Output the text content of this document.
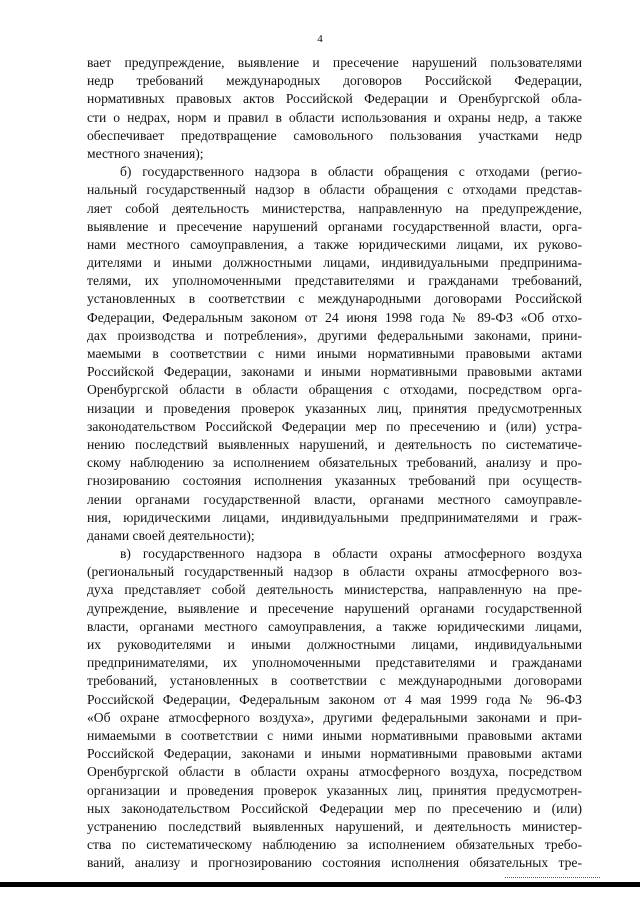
4
вает предупреждение, выявление и пресечение нарушений пользователями
недр требований международных договоров Российской Федерации,
нормативных правовых актов Российской Федерации и Оренбургской обла-
сти о недрах, норм и правил в области использования и охраны недр, а также
обеспечивает предотвращение самовольного пользования участками недр
местного значения);
б) государственного надзора в области обращения с отходами (регио-
нальный государственный надзор в области обращения с отходами представ-
ляет собой деятельность министерства, направленную на предупреждение,
выявление и пресечение нарушений органами государственной власти, орга-
нами местного самоуправления, а также юридическими лицами, их руково-
дителями и иными должностными лицами, индивидуальными предпринима-
телями, их уполномоченными представителями и гражданами требований,
установленных в соответствии с международными договорами Российской
Федерации, Федеральным законом от 24 июня 1998 года № 89-ФЗ «Об отхо-
дах производства и потребления», другими федеральными законами, прини-
маемыми в соответствии с ними иными нормативными правовыми актами
Российской Федерации, законами и иными нормативными правовыми актами
Оренбургской области в области обращения с отходами, посредством орга-
низации и проведения проверок указанных лиц, принятия предусмотренных
законодательством Российской Федерации мер по пресечению и (или) устра-
нению последствий выявленных нарушений, и деятельность по систематиче-
скому наблюдению за исполнением обязательных требований, анализу и про-
гнозированию состояния исполнения указанных требований при осуществ-
лении органами государственной власти, органами местного самоуправле-
ния, юридическими лицами, индивидуальными предпринимателями и граж-
данами своей деятельности);
в) государственного надзора в области охраны атмосферного воздуха
(региональный государственный надзор в области охраны атмосферного воз-
духа представляет собой деятельность министерства, направленную на пре-
дупреждение, выявление и пресечение нарушений органами государственной
власти, органами местного самоуправления, а также юридическими лицами,
их руководителями и иными должностными лицами, индивидуальными
предпринимателями, их уполномоченными представителями и гражданами
требований, установленных в соответствии с международными договорами
Российской Федерации, Федеральным законом от 4 мая 1999 года № 96-ФЗ
«Об охране атмосферного воздуха», другими федеральными законами и при-
нимаемыми в соответствии с ними иными нормативными правовыми актами
Российской Федерации, законами и иными нормативными правовыми актами
Оренбургской области в области охраны атмосферного воздуха, посредством
организации и проведения проверок указанных лиц, принятия предусмотрен-
ных законодательством Российской Федерации мер по пресечению и (или)
устранению последствий выявленных нарушений, и деятельность министер-
ства по систематическому наблюдению за исполнением обязательных требо-
ваний, анализу и прогнозированию состояния исполнения обязательных тре-
